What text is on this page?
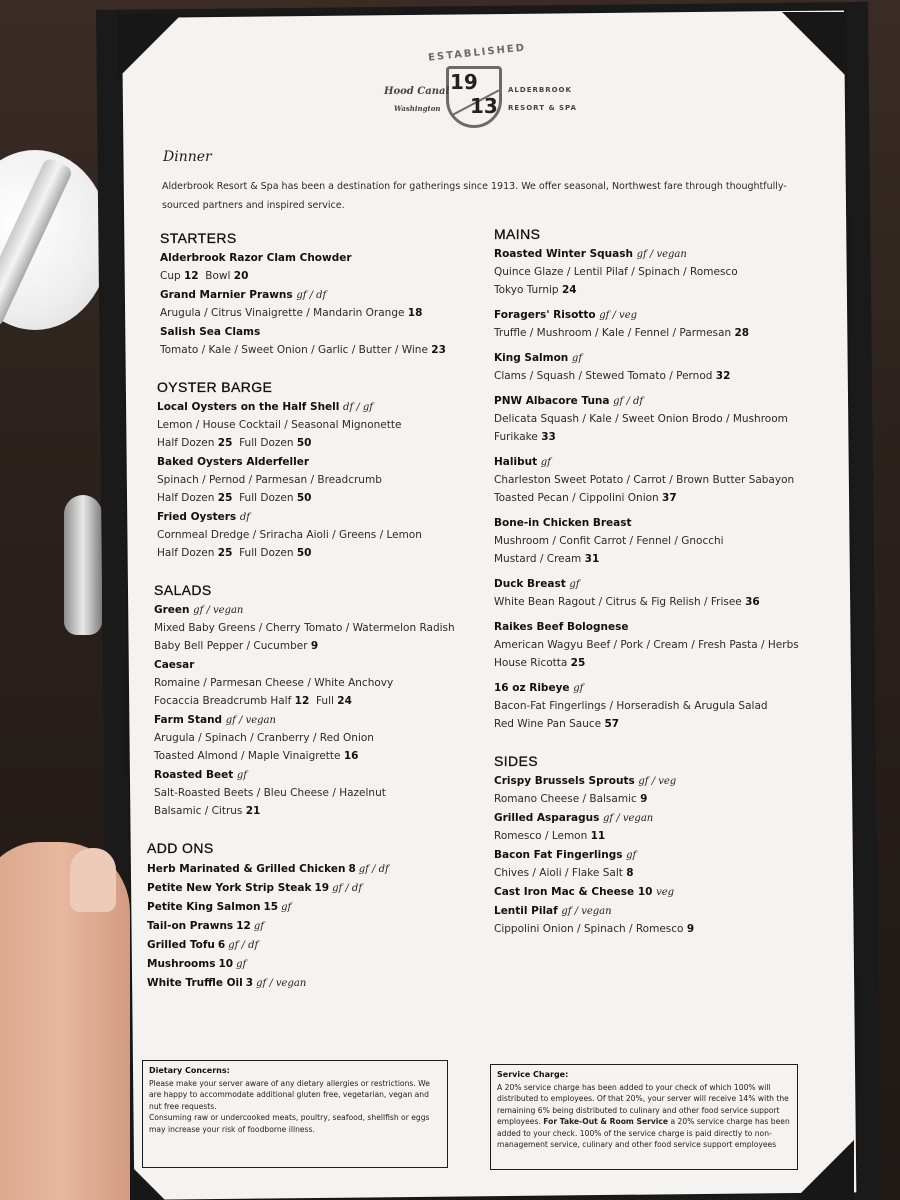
ESTABLISHED
19
13
Hood Canal
Washington
ALDERBROOK
RESORT & SPA
Dinner
Alderbrook Resort & Spa has been a destination for gatherings since 1913. We offer seasonal, Northwest fare through thoughtfully-sourced partners and inspired service.
STARTERS
Alderbrook Razor Clam Chowder
Cup 12  Bowl 20
Grand Marnier Prawns gf / df
Arugula / Citrus Vinaigrette / Mandarin Orange 18
Salish Sea Clams
Tomato / Kale / Sweet Onion / Garlic / Butter / Wine 23
OYSTER BARGE
Local Oysters on the Half Shell df / gf
Lemon / House Cocktail / Seasonal Mignonette
Half Dozen 25 Full Dozen 50
Baked Oysters Alderfeller
Spinach / Pernod / Parmesan / Breadcrumb
Half Dozen 25 Full Dozen 50
Fried Oysters df
Cornmeal Dredge / Sriracha Aioli / Greens / Lemon
Half Dozen 25 Full Dozen 50
SALADS
Green gf / vegan
Mixed Baby Greens / Cherry Tomato / Watermelon Radish
Baby Bell Pepper / Cucumber 9
Caesar
Romaine / Parmesan Cheese / White Anchovy
Focaccia Breadcrumb Half 12 Full 24
Farm Stand gf / vegan
Arugula / Spinach / Cranberry / Red Onion
Toasted Almond / Maple Vinaigrette 16
Roasted Beet gf
Salt-Roasted Beets / Bleu Cheese / Hazelnut
Balsamic / Citrus 21
ADD ONS
Herb Marinated & Grilled Chicken 8 gf / df
Petite New York Strip Steak 19 gf / df
Petite King Salmon 15 gf
Tail-on Prawns 12 gf
Grilled Tofu 6 gf / df
Mushrooms 10 gf
White Truffle Oil 3 gf / vegan
MAINS
Roasted Winter Squash gf / vegan
Quince Glaze / Lentil Pilaf / Spinach / Romesco
Tokyo Turnip 24
Foragers' Risotto gf / veg
Truffle / Mushroom / Kale / Fennel / Parmesan 28
King Salmon gf
Clams / Squash / Stewed Tomato / Pernod 32
PNW Albacore Tuna gf / df
Delicata Squash / Kale / Sweet Onion Brodo / Mushroom
Furikake 33
Halibut gf
Charleston Sweet Potato / Carrot / Brown Butter Sabayon
Toasted Pecan / Cippolini Onion 37
Bone-in Chicken Breast
Mushroom / Confit Carrot / Fennel / Gnocchi
Mustard / Cream 31
Duck Breast gf
White Bean Ragout / Citrus & Fig Relish / Frisee 36
Raikes Beef Bolognese
American Wagyu Beef / Pork / Cream / Fresh Pasta / Herbs
House Ricotta 25
16 oz Ribeye gf
Bacon-Fat Fingerlings / Horseradish & Arugula Salad
Red Wine Pan Sauce 57
SIDES
Crispy Brussels Sprouts gf / veg
Romano Cheese / Balsamic 9
Grilled Asparagus gf / vegan
Romesco / Lemon 11
Bacon Fat Fingerlings gf
Chives / Aioli / Flake Salt 8
Cast Iron Mac & Cheese 10 veg
Lentil Pilaf gf / vegan
Cippolini Onion / Spinach / Romesco 9
Dietary Concerns:
Please make your server aware of any dietary allergies or restrictions. We are happy to accommodate additional gluten free, vegetarian, vegan and nut free requests.
Consuming raw or undercooked meats, poultry, seafood, shellfish or eggs may increase your risk of foodborne illness.
Service Charge:
A 20% service charge has been added to your check of which 100% will distributed to employees. Of that 20%, your server will receive 14% with the remaining 6% being distributed to culinary and other food service support employees. For Take-Out & Room Service a 20% service charge has been added to your check. 100% of the service charge is paid directly to non-management service, culinary and other food service support employees
